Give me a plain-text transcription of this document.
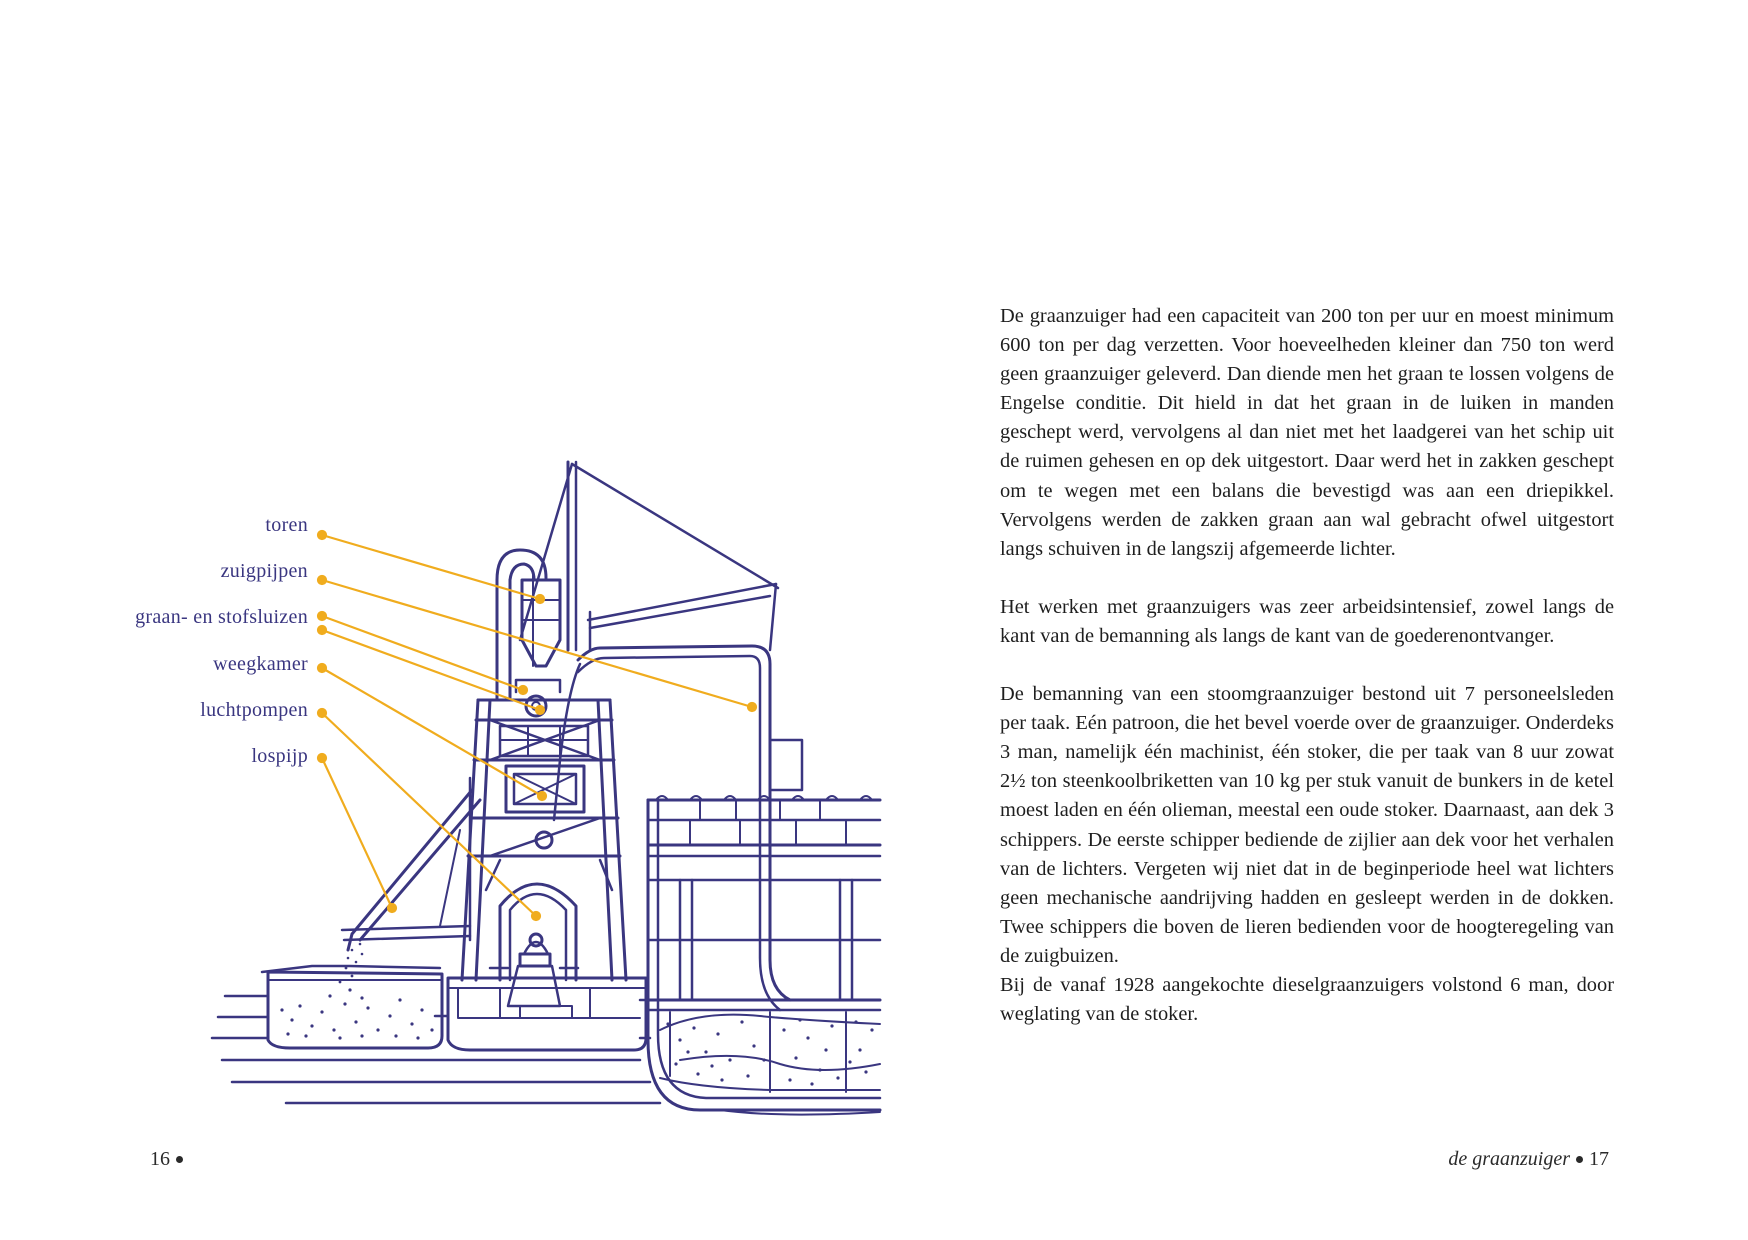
toren
zuigpijpen
graan- en stofsluizen
weegkamer
luchtpompen
lospijp

De graanzuiger had een capaciteit van 200 ton per uur en moest minimum 600 ton per dag verzetten. Voor hoeveelheden kleiner dan 750 ton werd geen graanzuiger geleverd. Dan diende men het graan te lossen volgens de Engelse conditie. Dit hield in dat het graan in de luiken in manden geschept werd, vervolgens al dan niet met het laadgerei van het schip uit de ruimen gehesen en op dek uitgestort. Daar werd het in zakken geschept om te wegen met een balans die bevestigd was aan een driepikkel. Vervolgens werden de zakken graan aan wal gebracht ofwel uitgestort langs schuiven in de langszij afgemeerde lichter.

Het werken met graanzuigers was zeer arbeidsintensief, zowel langs de kant van de bemanning als langs de kant van de goederenontvanger.

De bemanning van een stoomgraanzuiger bestond uit 7 personeelsleden per taak. Eén patroon, die het bevel voerde over de graanzuiger. Onderdeks 3 man, namelijk één machinist, één stoker, die per taak van 8 uur zowat 2½ ton steenkoolbriketten van 10 kg per stuk vanuit de bunkers in de ketel moest laden en één olieman, meestal een oude stoker. Daarnaast, aan dek 3 schippers. De eerste schipper bediende de zijlier aan dek voor het verhalen van de lichters. Vergeten wij niet dat in de beginperiode heel wat lichters geen mechanische aandrijving hadden en gesleept werden in de dokken. Twee schippers die boven de lieren bedienden voor de hoogteregeling van de zuigbuizen.

Bij de vanaf 1928 aangekochte dieselgraanzuigers volstond 6 man, door weglating van de stoker.

16	de graanzuiger 17
